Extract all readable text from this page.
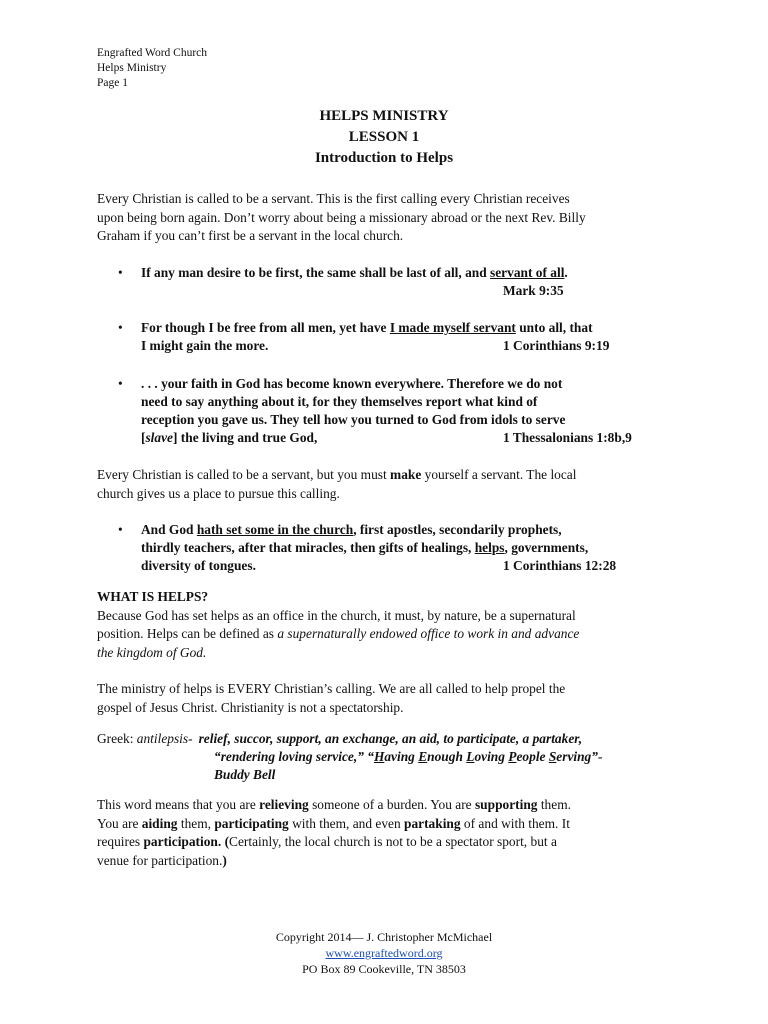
Engrafted Word Church
Helps Ministry
Page 1
HELPS MINISTRY
LESSON 1
Introduction to Helps

Every Christian is called to be a servant. This is the first calling every Christian receives
upon being born again. Don’t worry about being a missionary abroad or the next Rev. Billy
Graham if you can’t first be a servant in the local church.

• If any man desire to be first, the same shall be last of all, and servant of all.
Mark 9:35
• For though I be free from all men, yet have I made myself servant unto all, that
I might gain the more.	1 Corinthians 9:19
• . . . your faith in God has become known everywhere. Therefore we do not
need to say anything about it, for they themselves report what kind of
reception you gave us. They tell how you turned to God from idols to serve
[slave] the living and true God,	1 Thessalonians 1:8b,9

Every Christian is called to be a servant, but you must make yourself a servant. The local
church gives us a place to pursue this calling.

• And God hath set some in the church, first apostles, secondarily prophets,
thirdly teachers, after that miracles, then gifts of healings, helps, governments,
diversity of tongues.	1 Corinthians 12:28

WHAT IS HELPS?
Because God has set helps as an office in the church, it must, by nature, be a supernatural
position. Helps can be defined as a supernaturally endowed office to work in and advance
the kingdom of God.

The ministry of helps is EVERY Christian’s calling. We are all called to help propel the
gospel of Jesus Christ. Christianity is not a spectatorship.

Greek: antilepsis- relief, succor, support, an exchange, an aid, to participate, a partaker,
“rendering loving service,” “Having Enough Loving People Serving”-
Buddy Bell

This word means that you are relieving someone of a burden. You are supporting them.
You are aiding them, participating with them, and even partaking of and with them. It
requires participation. (Certainly, the local church is not to be a spectator sport, but a
venue for participation.)

Copyright 2014— J. Christopher McMichael
www.engraftedword.org
PO Box 89 Cookeville, TN 38503
